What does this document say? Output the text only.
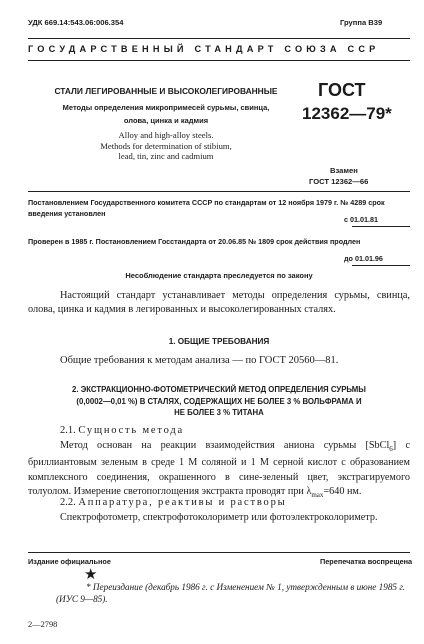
УДК 669.14:543.06:006.354	Группа В39
ГОСУДАРСТВЕННЫЙ СТАНДАРТ СОЮЗА ССР
СТАЛИ ЛЕГИРОВАННЫЕ И ВЫСОКОЛЕГИРОВАННЫЕ
Методы определения микропримесей сурьмы, свинца,
олова, цинка и кадмия
Alloy and high-alloy steels.
Methods for determination of stibium,
lead, tin, zinc and cadmium
ГОСТ
12362—79*
Взамен
ГОСТ 12362—66
Постановлением Государственного комитета СССР по стандартам от 12 ноября 1979 г. № 4289 срок введения установлен
с 01.01.81
Проверен в 1985 г. Постановлением Госстандарта от 20.06.85 № 1809 срок действия продлен
до 01.01.96
Несоблюдение стандарта преследуется по закону
Настоящий стандарт устанавливает методы определения сурьмы, свинца, олова, цинка и кадмия в легированных и высоколегированных сталях.
1. ОБЩИЕ ТРЕБОВАНИЯ
Общие требования к методам анализа — по ГОСТ 20560—81.
2. ЭКСТРАКЦИОННО-ФОТОМЕТРИЧЕСКИЙ МЕТОД ОПРЕДЕЛЕНИЯ СУРЬМЫ
(0,0002—0,01 %) В СТАЛЯХ, СОДЕРЖАЩИХ НЕ БОЛЕЕ 3 % ВОЛЬФРАМА И
НЕ БОЛЕЕ 3 % ТИТАНА
2.1. Сущность метода
Метод основан на реакции взаимодействия аниона сурьмы [SbCl$_6$] с бриллиантовым зеленым в среде 1 М соляной и 1 М серной кислот с образованием комплексного соединения, окрашенного в сине-зеленый цвет, экстрагируемого толуолом. Измерение светопоглощения экстракта проводят при $\lambda_{max}=640$ нм.
2.2. Аппаратура, реактивы и растворы
Спектрофотометр, спектрофотоколориметр или фотоэлектроколориметр.
Издание официальное	Перепечатка воспрещена
★
* Переиздание (декабрь 1986 г. с Изменением № 1, утвержденным в июне 1985 г. (ИУС 9—85).
2—2798
